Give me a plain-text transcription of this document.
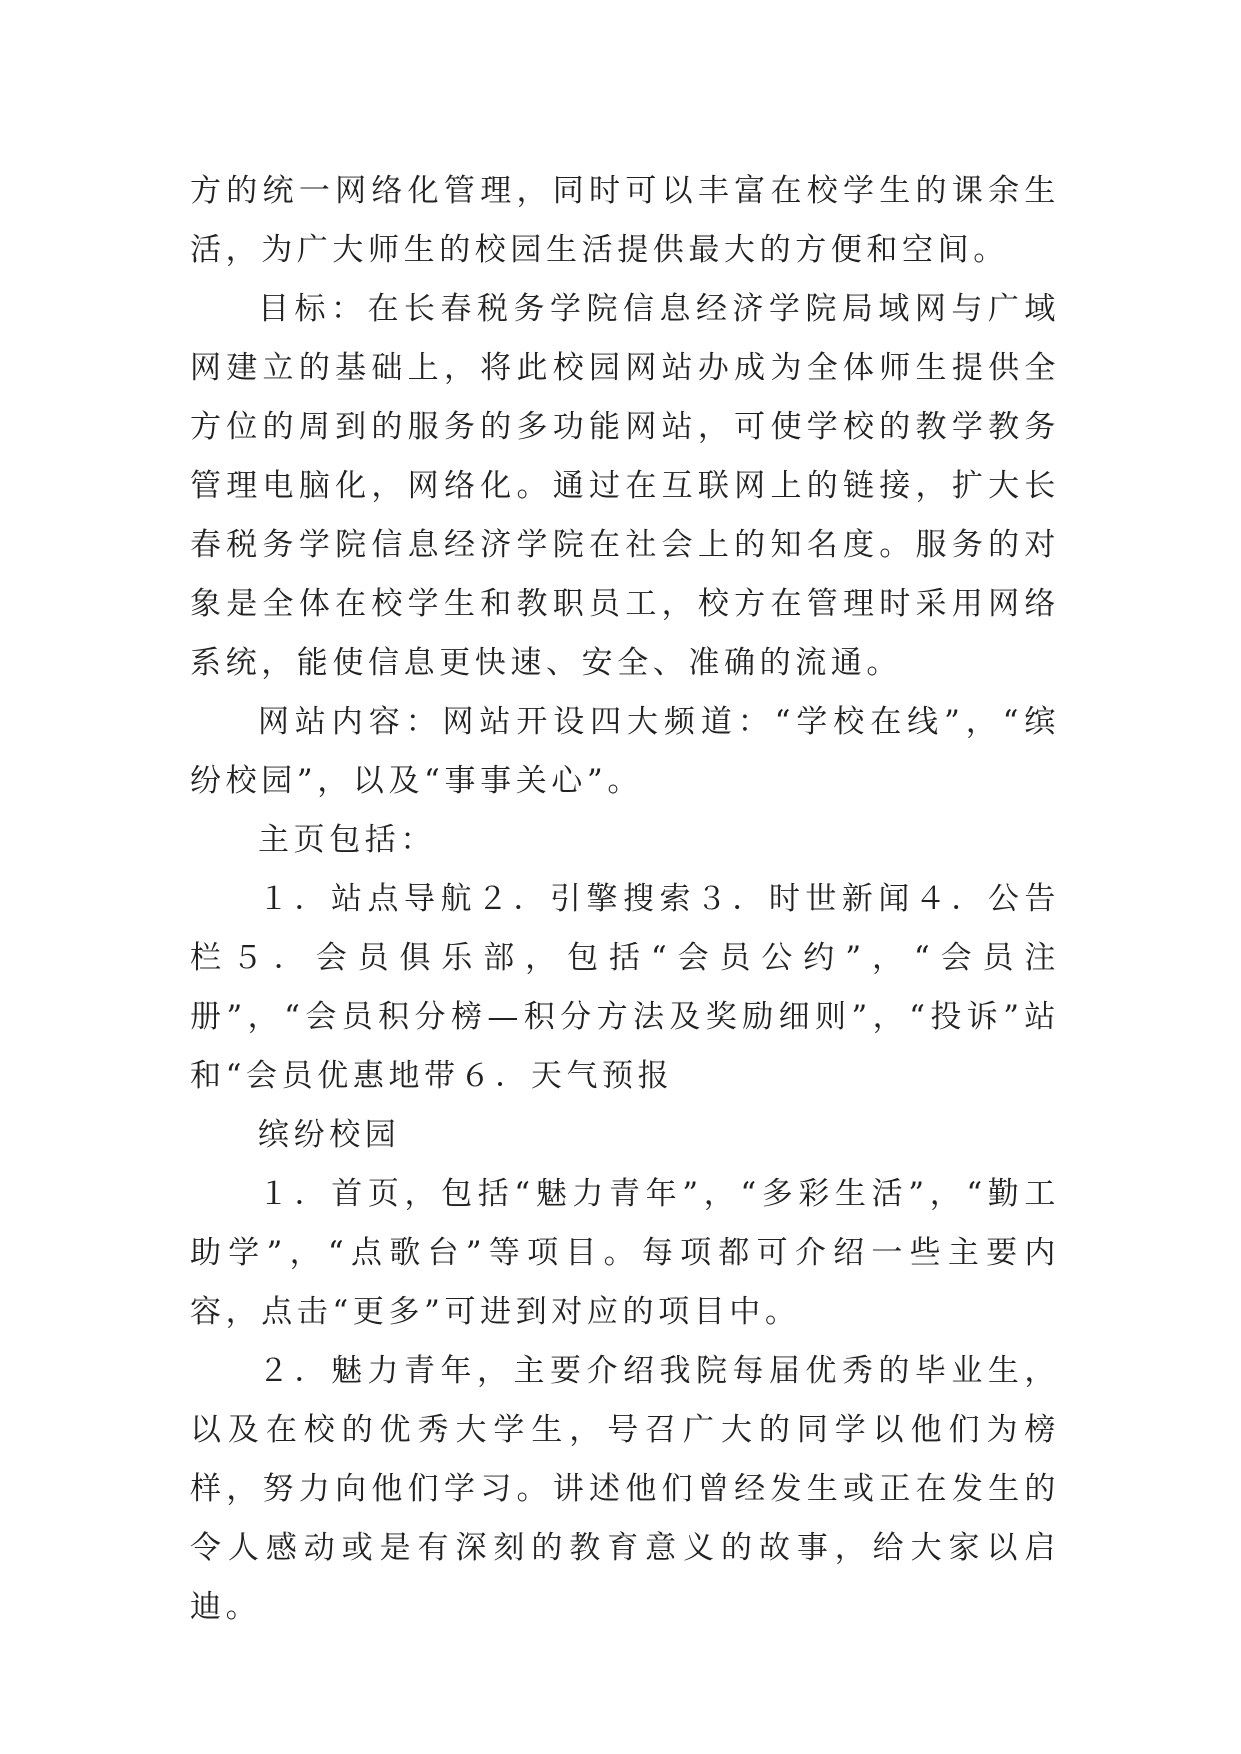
方的统一网络化管理，同时可以丰富在校学生的课余生活，为广大师生的校园生活提供最大的方便和空间。

目标：在长春税务学院信息经济学院局域网与广域网建立的基础上，将此校园网站办成为全体师生提供全方位的周到的服务的多功能网站，可使学校的教学教务管理电脑化，网络化。通过在互联网上的链接，扩大长春税务学院信息经济学院在社会上的知名度。服务的对象是全体在校学生和教职员工，校方在管理时采用网络系统，能使信息更快速、安全、准确的流通。

网站内容：网站开设四大频道：“学校在线”，“缤纷校园”，以及“事事关心”。

主页包括：

１．站点导航２．引擎搜索３．时世新闻４．公告栏５．会员俱乐部，包括“会员公约”，“会员注册”，“会员积分榜—积分方法及奖励细则”，“投诉”站和“会员优惠地带６．天气预报

缤纷校园

１．首页，包括“魅力青年”，“多彩生活”，“勤工助学”，“点歌台”等项目。每项都可介绍一些主要内容，点击“更多”可进到对应的项目中。

２．魅力青年，主要介绍我院每届优秀的毕业生，以及在校的优秀大学生，号召广大的同学以他们为榜样，努力向他们学习。讲述他们曾经发生或正在发生的令人感动或是有深刻的教育意义的故事，给大家以启迪。
